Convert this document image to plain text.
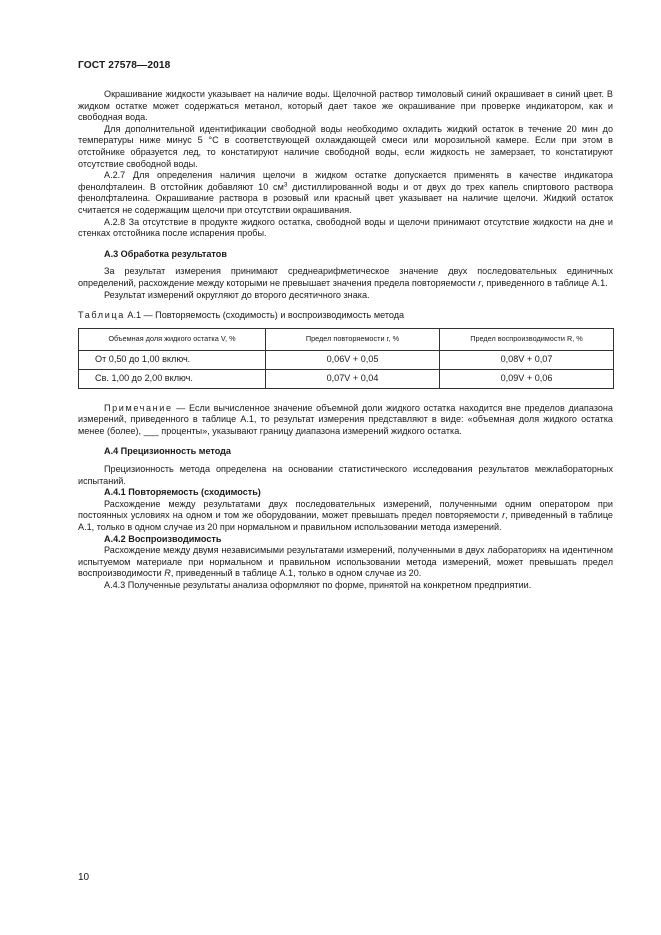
ГОСТ 27578—2018

Окрашивание жидкости указывает на наличие воды. Щелочной раствор тимоловый синий окрашивает в синий цвет. В жидком остатке может содержаться метанол, который дает такое же окрашивание при проверке индикатором, как и свободная вода.

Для дополнительной идентификации свободной воды необходимо охладить жидкий остаток в течение 20 мин до температуры ниже минус 5 °С в соответствующей охлаждающей смеси или морозильной камере. Если при этом в отстойнике образуется лед, то констатируют наличие свободной воды, если жидкость не замерзает, то констатируют отсутствие свободной воды.

А.2.7 Для определения наличия щелочи в жидком остатке допускается применять в качестве индикатора фенолфталеин. В отстойник добавляют 10 $см^3$ дистиллированной воды и от двух до трех капель спиртового раствора фенолфталеина. Окрашивание раствора в розовый или красный цвет указывает на наличие щелочи. Жидкий остаток считается не содержащим щелочи при отсутствии окрашивания.

А.2.8 За отсутствие в продукте жидкого остатка, свободной воды и щелочи принимают отсутствие жидкости на дне и стенках отстойника после испарения пробы.

А.3 Обработка результатов

За результат измерения принимают среднеарифметическое значение двух последовательных единичных определений, расхождение между которыми не превышает значения предела повторяемости r, приведенного в таблице А.1.

Результат измерений округляют до второго десятичного знака.

Таблица А.1 — Повторяемость (сходимость) и воспроизводимость метода

Объемная доля жидкого остатка V, %	Предел повторяемости r, %	Предел воспроизводимости R, %
От 0,50 до 1,00 включ.	0,06V + 0,05	0,08V + 0,07
Св. 1,00 до 2,00 включ.	0,07V + 0,04	0,09V + 0,06

Примечание — Если вычисленное значение объемной доли жидкого остатка находится вне пределов диапазона измерений, приведенного в таблице А.1, то результат измерения представляют в виде: «объемная доля жидкого остатка менее (более), ___ проценты», указывают границу диапазона измерений жидкого остатка.

А.4 Прецизионность метода

Прецизионность метода определена на основании статистического исследования результатов межлабораторных испытаний.

А.4.1 Повторяемость (сходимость)

Расхождение между результатами двух последовательных измерений, полученными одним оператором при постоянных условиях на одном и том же оборудовании, может превышать предел повторяемости r, приведенный в таблице А.1, только в одном случае из 20 при нормальном и правильном использовании метода измерений.

А.4.2 Воспроизводимость

Расхождение между двумя независимыми результатами измерений, полученными в двух лабораториях на идентичном испытуемом материале при нормальном и правильном использовании метода измерений, может превышать предел воспроизводимости R, приведенный в таблице А.1, только в одном случае из 20.

А.4.3 Полученные результаты анализа оформляют по форме, принятой на конкретном предприятии.

10
